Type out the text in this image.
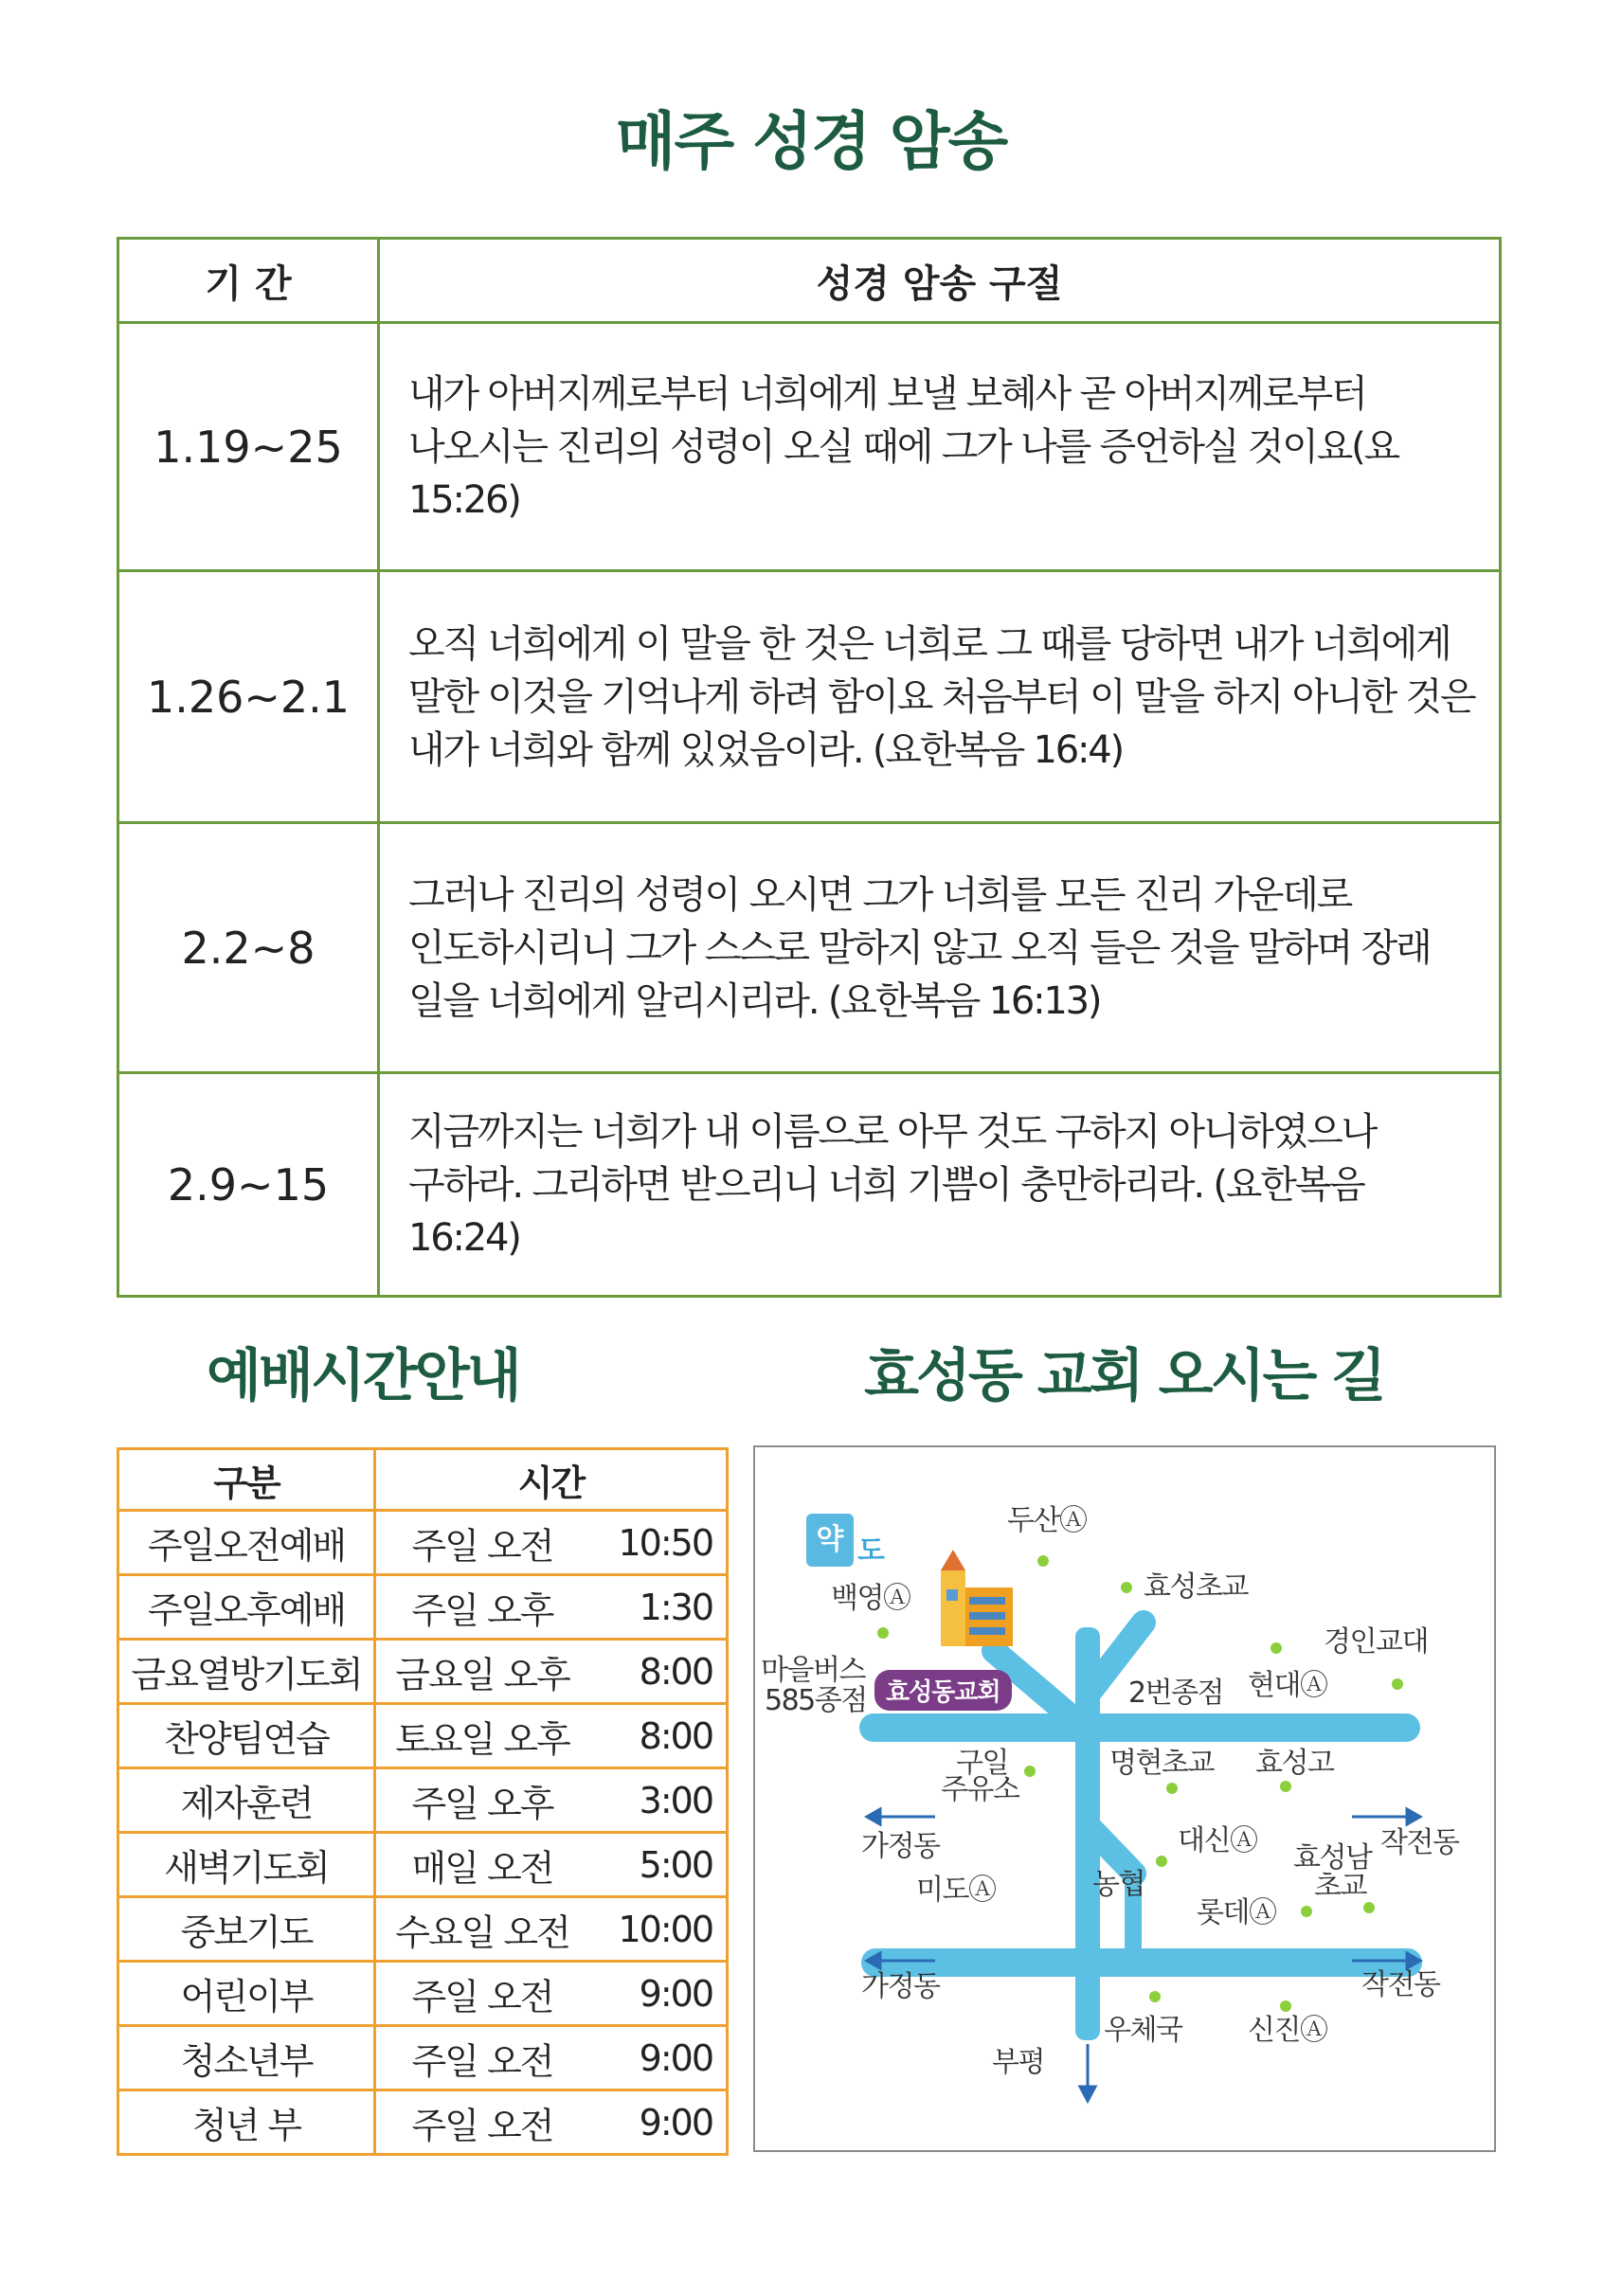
매주 성경 암송
기 간	성경 암송 구절
1.19~25	내가 아버지께로부터 너희에게 보낼 보혜사 곧 아버지께로부터 나오시는 진리의 성령이 오실 때에 그가 나를 증언하실 것이요(요 15:26)
1.26~2.1	오직 너희에게 이 말을 한 것은 너희로 그 때를 당하면 내가 너희에게 말한 이것을 기억나게 하려 함이요 처음부터 이 말을 하지 아니한 것은 내가 너희와 함께 있었음이라. (요한복음 16:4)
2.2~8	그러나 진리의 성령이 오시면 그가 너희를 모든 진리 가운데로 인도하시리니 그가 스스로 말하지 않고 오직 들은 것을 말하며 장래 일을 너희에게 알리시리라. (요한복음 16:13)
2.9~15	지금까지는 너희가 내 이름으로 아무 것도 구하지 아니하였으나 구하라. 그리하면 받으리니 너희 기쁨이 충만하리라. (요한복음 16:24)
예배시간안내	효성동 교회 오시는 길
구분	시간
주일오전예배	주일 오전 10:50

주일오후예배	주일 오후 1:30

금요열방기도회	금요일 오후 8:00

찬양팀연습	토요일 오후 8:00

제자훈련	주일 오후 3:00

새벽기도회	매일 오전 5:00

중보기도	수요일 오전 10:00

어린이부	주일 오전 9:00

청소년부	주일 오전 9:00

청년 부	주일 오전 9:00
약 도
효성동교회
두산Ⓐ
효성초교
백영Ⓐ
마을버스
585종점
경인교대
현대Ⓐ
2번종점
구일
주유소
명현초교 효성고
가정동	대신Ⓐ
효성남
초교
작전동
미도Ⓐ	농협
롯데Ⓐ
가정동	작전동
우체국 신진Ⓐ
부평
